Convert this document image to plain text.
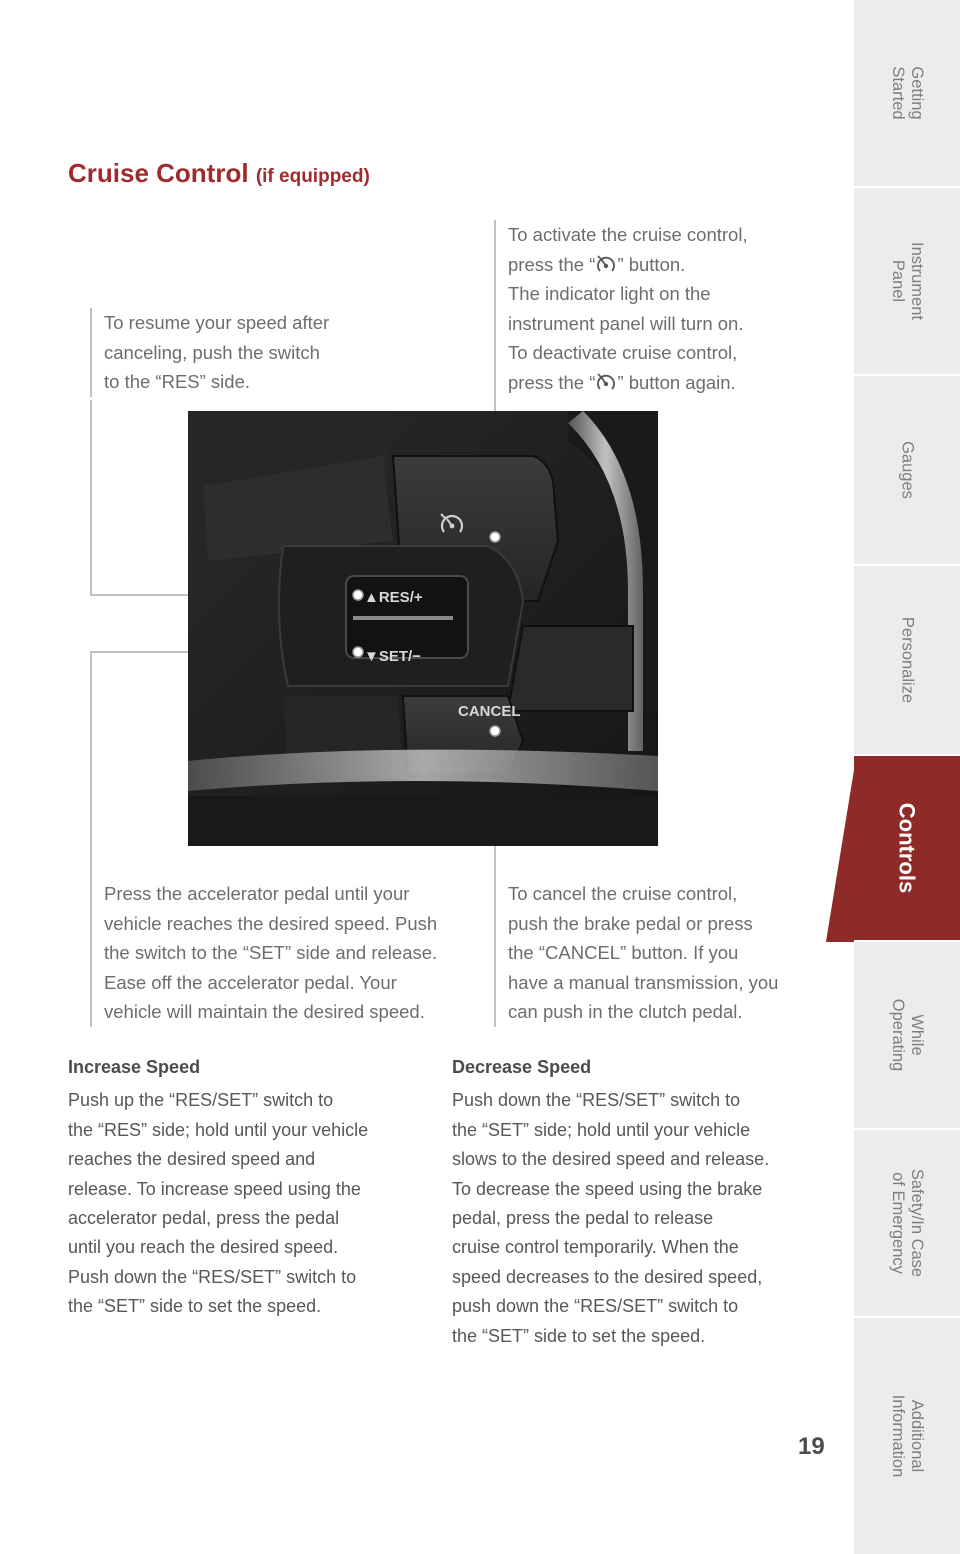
Cruise Control (if equipped)

To resume your speed after

canceling, push the switch

to the “RES” side.

To activate the cruise control,

press the “ ” button.

The indicator light on the

instrument panel will turn on.

To deactivate cruise control,

press the “ ” button again.

▲RES/+
▼SET/−
CANCEL

Press the accelerator pedal until your

vehicle reaches the desired speed. Push

the switch to the “SET” side and release.

Ease off the accelerator pedal. Your

vehicle will maintain the desired speed.

To cancel the cruise control,

push the brake pedal or press

the “CANCEL” button. If you

have a manual transmission, you

can push in the clutch pedal.

Increase Speed

Push up the “RES/SET” switch to

the “RES” side; hold until your vehicle

reaches the desired speed and

release. To increase speed using the

accelerator pedal, press the pedal

until you reach the desired speed.

Push down the “RES/SET” switch to

the “SET” side to set the speed.

Decrease Speed

Push down the “RES/SET” switch to

the “SET” side; hold until your vehicle

slows to the desired speed and release.

To decrease the speed using the brake

pedal, press the pedal to release

cruise control temporarily. When the

speed decreases to the desired speed,

push down the “RES/SET” switch to

the “SET” side to set the speed.

19
Getting
Started
Instrument
Panel
Gauges
Personalize
Controls
While
Operating
Safety/In Case
of Emergency
Additional
Information
